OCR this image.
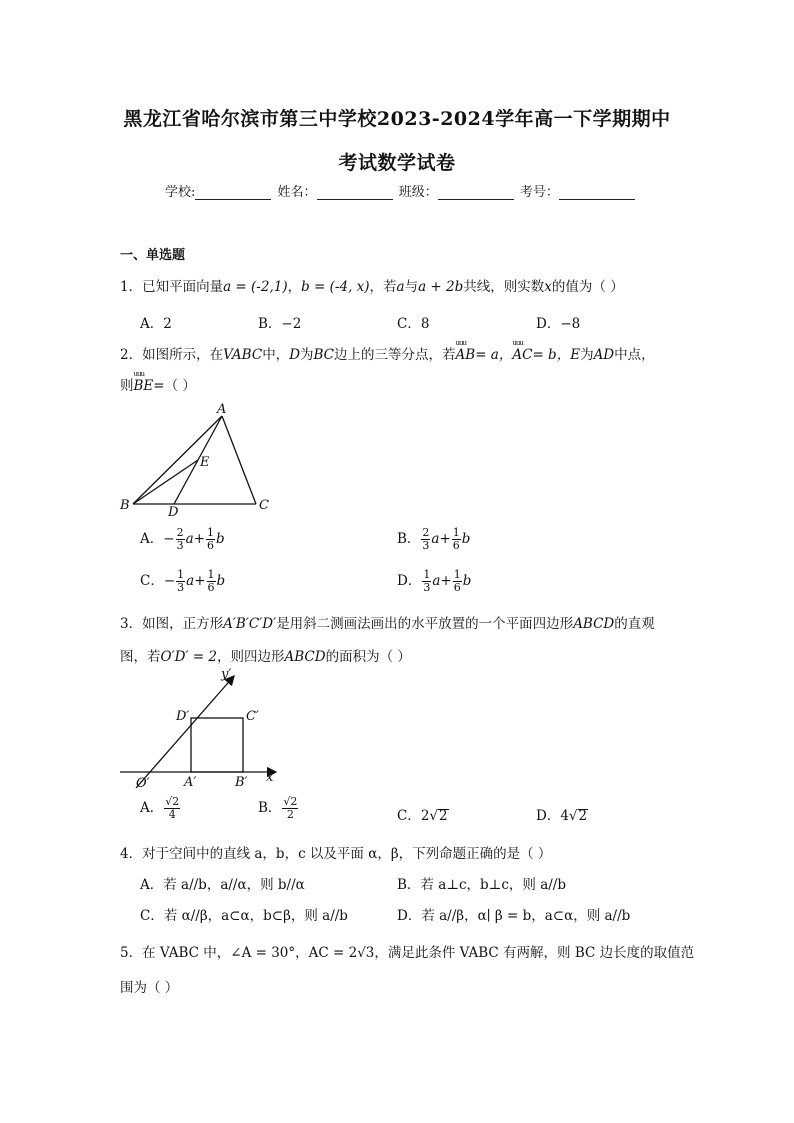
黑龙江省哈尔滨市第三中学校2023-2024学年高一下学期期中
考试数学试卷
学校:	姓名：	班级：	考号：
一、单选题
1．已知平面向量a = (-2,1)，b = (-4, x)，若a与a + 2b共线，则实数x的值为（ ）
A．2	B．−2	C．8	D．−8
2．如图所示，在VABC中，D为BC边上的三等分点，若uuu AB= a，uuu AC= b，E为AD中点，
则uuu BE=（ ）
A
E
B	D	C
A．− $\frac{2}{3} a+ \frac{1}{6}$ b	B． $\frac{2}{3} a+ \frac{1}{6}$ b
C．− $\frac{1}{3} a+ \frac{1}{6}$ b	D． $\frac{1}{3} a+ \frac{1}{6}$ b
3．如图，正方形A′B′C′D′是用斜二测画法画出的水平放置的一个平面四边形ABCD的直观
图，若O′D′ = 2，则四边形ABCD的面积为（ ）
y′
D′	C′
O′	A′	B′ x′
A． $\frac{√2}{4}$	B． $\frac{√2}{2}$	C．2√2	D．4√2
4．对于空间中的直线 a，b，c 以及平面 α，β，下列命题正确的是（ ）
A．若 a//b，a//α，则 b//α	B．若 a⊥c，b⊥c，则 a//b
C．若 α//β，a⊂α，b⊂β，则 a//b	D．若 a//β，α∣ β = b，a⊂α，则 a//b
5．在 VABC 中，∠A = 30°，AC = 2√3，满足此条件 VABC 有两解，则 BC 边长度的取值范
围为（ ）
